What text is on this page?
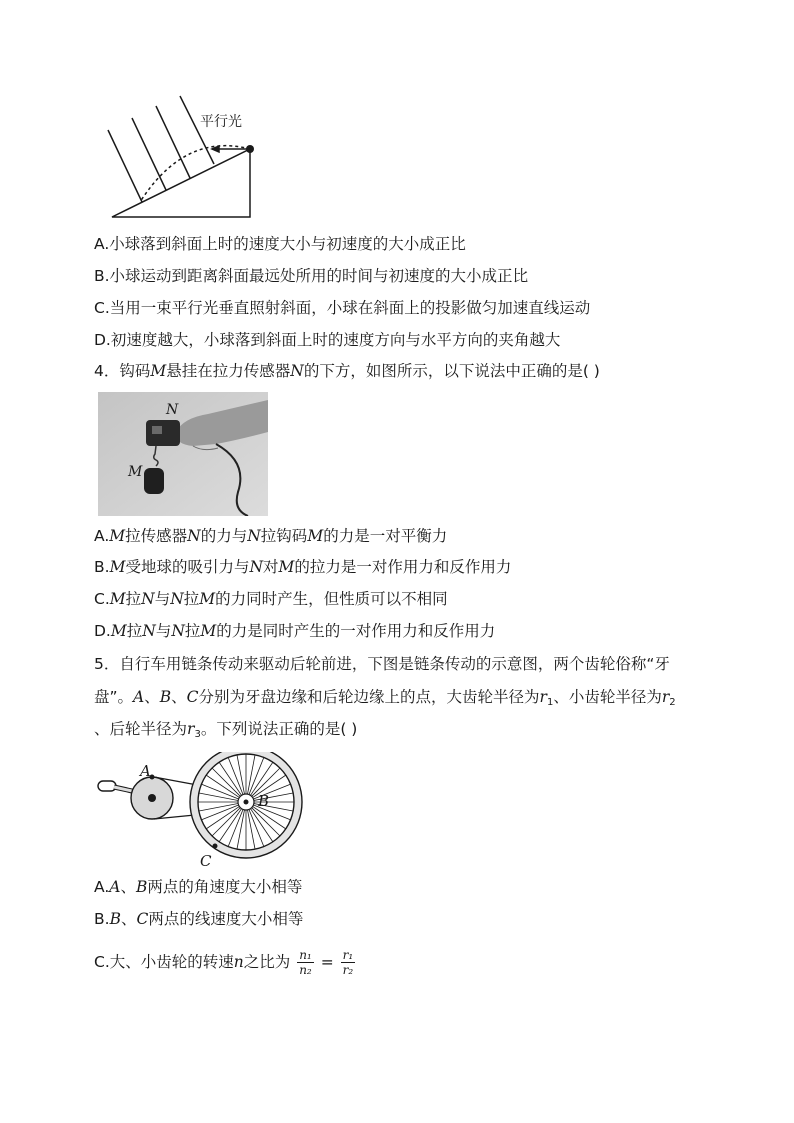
平行光
A.小球落到斜面上时的速度大小与初速度的大小成正比
B.小球运动到距离斜面最远处所用的时间与初速度的大小成正比
C.当用一束平行光垂直照射斜面，小球在斜面上的投影做匀加速直线运动
D.初速度越大，小球落到斜面上时的速度方向与水平方向的夹角越大
4．钩码M悬挂在拉力传感器N的下方，如图所示，以下说法中正确的是( )
N
M
A.M拉传感器N的力与N拉钩码M的力是一对平衡力
B.M受地球的吸引力与N对M的拉力是一对作用力和反作用力
C.M拉N与N拉M的力同时产生，但性质可以不相同
D.M拉N与N拉M的力是同时产生的一对作用力和反作用力
5．自行车用链条传动来驱动后轮前进，下图是链条传动的示意图，两个齿轮俗称“牙
盘”。A、B、C分别为牙盘边缘和后轮边缘上的点，大齿轮半径为$r_1$、小齿轮半径为$r_2$
、后轮半径为$r_3$。下列说法正确的是( )
A
B
C
A.A、B两点的角速度大小相等
B.B、C两点的线速度大小相等
C.大、小齿轮的转速n之比为 $\frac{\text{n₁}}{\text{n₂}} = \frac{\text{r₁}}{\text{r₂}}$
